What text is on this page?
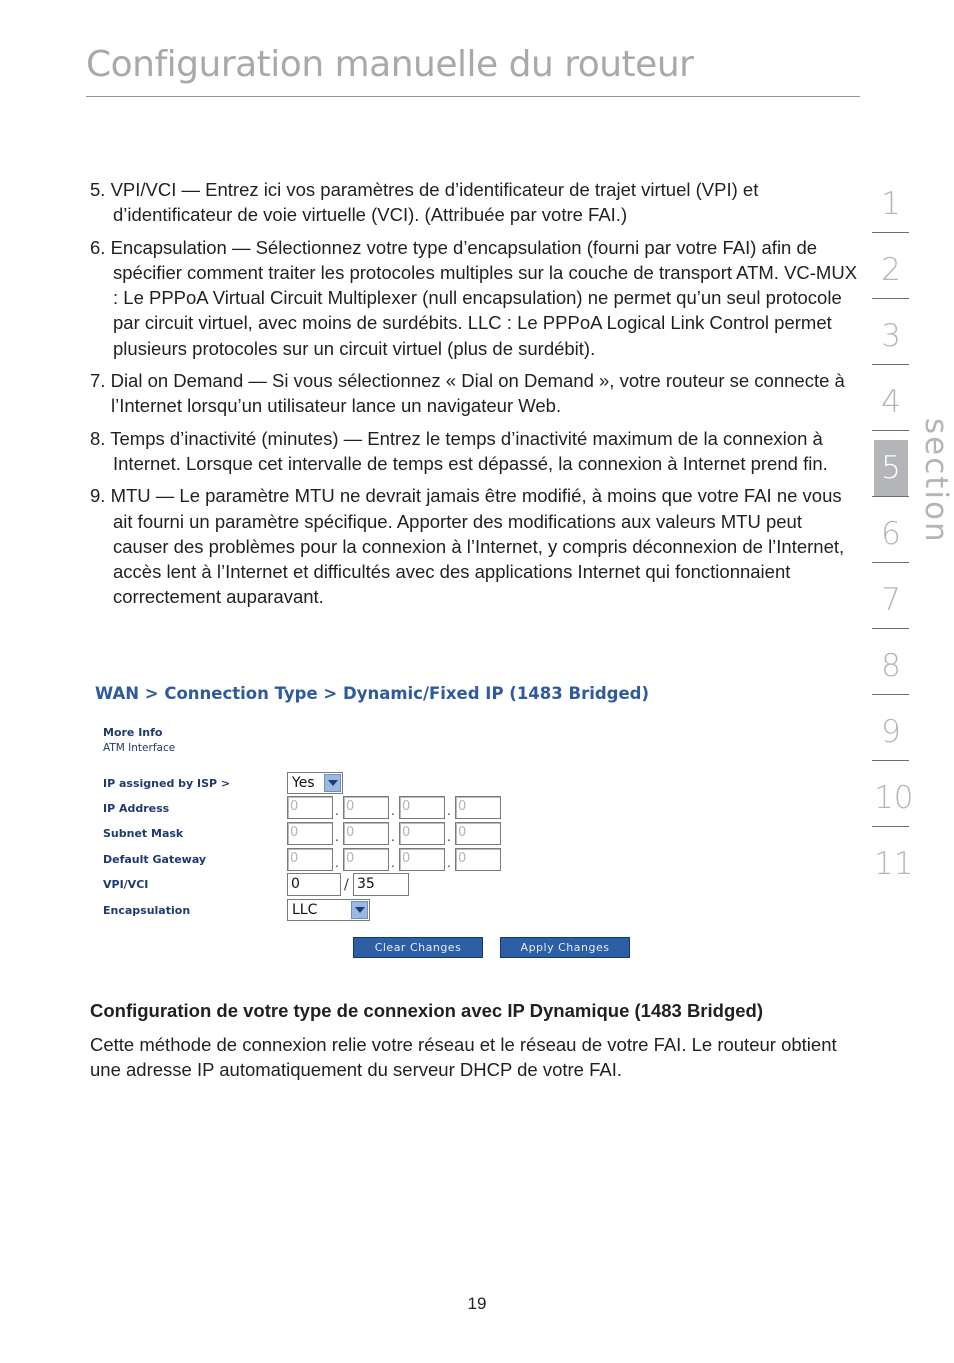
Configuration manuelle du routeur
5. VPI/VCI — Entrez ici vos paramètres de d’identificateur de trajet virtuel (VPI) et d’identificateur de voie virtuelle (VCI). (Attribuée par votre FAI.)
6. Encapsulation — Sélectionnez votre type d’encapsulation (fourni par votre FAI) afin de spécifier comment traiter les protocoles multiples sur la couche de transport ATM. VC-MUX : Le PPPoA Virtual Circuit Multiplexer (null encapsulation) ne permet qu’un seul protocole par circuit virtuel, avec moins de surdébits. LLC : Le PPPoA Logical Link Control permet plusieurs protocoles sur un circuit virtuel (plus de surdébit).
7. Dial on Demand — Si vous sélectionnez « Dial on Demand », votre routeur se connecte à l’Internet lorsqu’un utilisateur lance un navigateur Web.
8. Temps d’inactivité (minutes) — Entrez le temps d’inactivité maximum de la connexion à Internet. Lorsque cet intervalle de temps est dépassé, la connexion à Internet prend fin.
9. MTU — Le paramètre MTU ne devrait jamais être modifié, à moins que votre FAI ne vous ait fourni un paramètre spécifique. Apporter des modifications aux valeurs MTU peut causer des problèmes pour la connexion à l’Internet, y compris déconnexion de l’Internet, accès lent à l’Internet et difficultés avec des applications Internet qui fonctionnaient correctement auparavant.
WAN > Connection Type > Dynamic/Fixed IP (1483 Bridged)
More Info
ATM Interface
IP assigned by ISP >	Yes
IP Address	0	. 0	. 0	. 0
Subnet Mask	0	. 0	. 0	. 0
Default Gateway	0	. 0	. 0	. 0
VPI/VCI	0	/ 35
Encapsulation	LLC
Clear Changes	Apply Changes
Configuration de votre type de connexion avec IP Dynamique (1483 Bridged)

Cette méthode de connexion relie votre réseau et le réseau de votre FAI. Le routeur obtient une adresse IP automatiquement du serveur DHCP de votre FAI.

19
1
2
3
4
5
6
7
8
9
10
11
section
